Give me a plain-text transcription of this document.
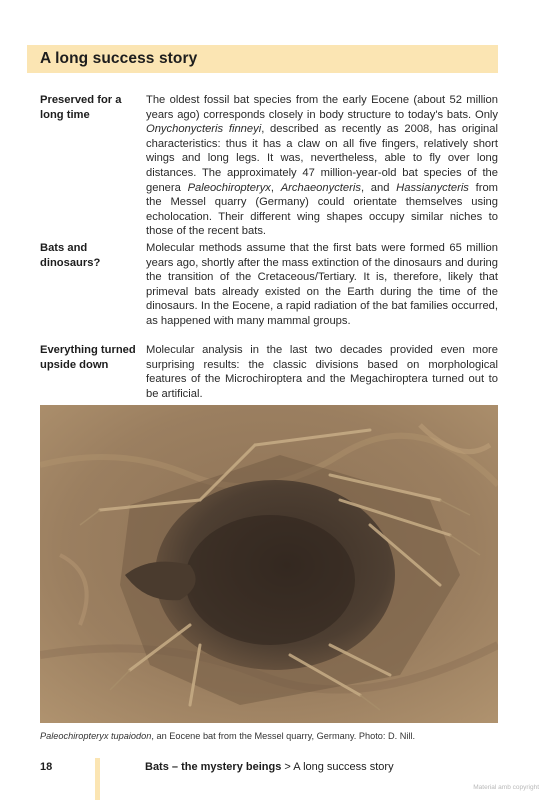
A long success story
Preserved for a long time

The oldest fossil bat species from the early Eocene (about 52 million years ago) corresponds closely in body structure to today's bats. Only Onychonycteris finneyi, described as recently as 2008, has original characteristics: thus it has a claw on all five fingers, relatively short wings and long legs. It was, nevertheless, able to fly over long distances. The approximately 47 million-year-old bat species of the genera Paleochiropteryx, Archaeonycteris, and Hassianycteris from the Messel quarry (Germany) could orientate themselves using echolocation. Their different wing shapes occupy similar niches to those of the recent bats.

Bats and dinosaurs?

Molecular methods assume that the first bats were formed 65 million years ago, shortly after the mass extinction of the dinosaurs and during the transition of the Cretaceous/Tertiary. It is, therefore, likely that primeval bats already existed on the Earth during the time of the dinosaurs. In the Eocene, a rapid radiation of the bat families occurred, as happened with many mammal groups.

Everything turned upside down

Molecular analysis in the last two decades provided even more surprising results: the classic divisions based on morphological features of the Microchiroptera and the Megachiroptera turned out to be artificial.

Paleochiropteryx tupaiodon, an Eocene bat from the Messel quarry, Germany. Photo: D. Nill.
18	Bats – the mystery beings > A long success story
Material amb copyright
